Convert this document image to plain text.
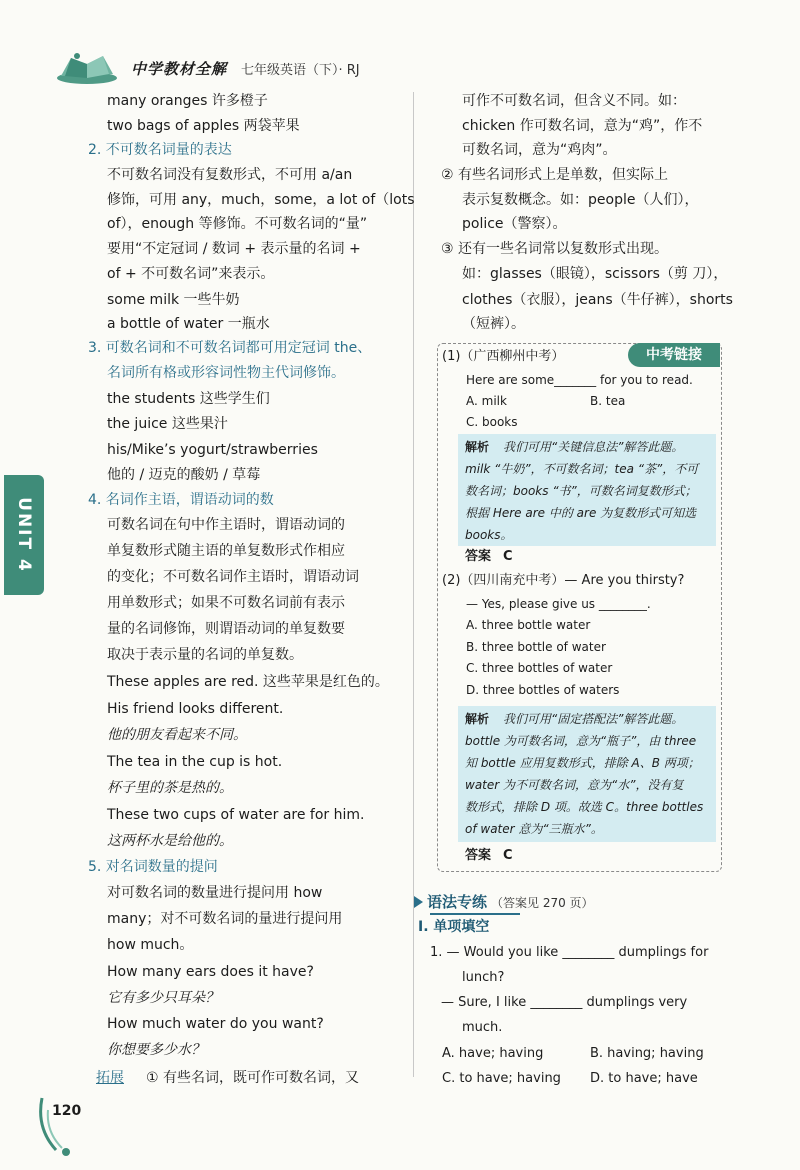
中学教材全解 七年级英语（下）· RJ
UNIT 4
many oranges 许多橙子
two bags of apples 两袋苹果
2. 不可数名词量的表达
不可数名词没有复数形式，不可用 a/an
修饰，可用 any，much，some，a lot of（lots
of），enough 等修饰。不可数名词的“量”
要用“不定冠词 / 数词 + 表示量的名词 +
of + 不可数名词”来表示。
some milk 一些牛奶
a bottle of water 一瓶水
3. 可数名词和不可数名词都可用定冠词 the、
名词所有格或形容词性物主代词修饰。
the students 这些学生们
the juice 这些果汁
his/Mike’s yogurt/strawberries
他的 / 迈克的酸奶 / 草莓
4. 名词作主语，谓语动词的数
可数名词在句中作主语时，谓语动词的
单复数形式随主语的单复数形式作相应
的变化；不可数名词作主语时，谓语动词
用单数形式；如果不可数名词前有表示
量的名词修饰，则谓语动词的单复数要
取决于表示量的名词的单复数。
These apples are red. 这些苹果是红色的。
His friend looks different.
他的朋友看起来不同。
The tea in the cup is hot.
杯子里的茶是热的。
These two cups of water are for him.
这两杯水是给他的。
5. 对名词数量的提问
对可数名词的数量进行提问用 how
many；对不可数名词的量进行提问用
how much。
How many ears does it have?
它有多少只耳朵？
How much water do you want?
你想要多少水？
拓展 ① 有些名词，既可作可数名词，又
可作不可数名词，但含义不同。如：
chicken 作可数名词，意为“鸡”，作不
可数名词，意为“鸡肉”。
② 有些名词形式上是单数，但实际上
表示复数概念。如：people（人们），
police（警察）。
③ 还有一些名词常以复数形式出现。
如：glasses（眼镜），scissors（剪 刀），
clothes（衣服），jeans（牛仔裤），shorts
（短裤）。
中考链接
(1)（广西柳州中考）
Here are some_______ for you to read.
A. milk	B. tea
C. books
解析 我们可用“关键信息法”解答此题。
milk “牛奶”，不可数名词；tea “茶”，不可
数名词；books “书”，可数名词复数形式；
根据 Here are 中的 are 为复数形式可知选
books。
答案 C
(2)（四川南充中考）— Are you thirsty?
— Yes, please give us ________.
A. three bottle water
B. three bottle of water
C. three bottles of water
D. three bottles of waters
解析 我们可用“固定搭配法”解答此题。
bottle 为可数名词，意为“瓶子”，由 three
知 bottle 应用复数形式，排除 A、B 两项；
water 为不可数名词，意为“水”，没有复
数形式，排除 D 项。故选 C。three bottles
of water 意为“三瓶水”。
答案 C
语法专练 （答案见 270 页）
Ⅰ. 单项填空
1. — Would you like ________ dumplings for
lunch?
— Sure, I like ________ dumplings very
much.
A. have; having	B. having; having
C. to have; having D. to have; have
120
